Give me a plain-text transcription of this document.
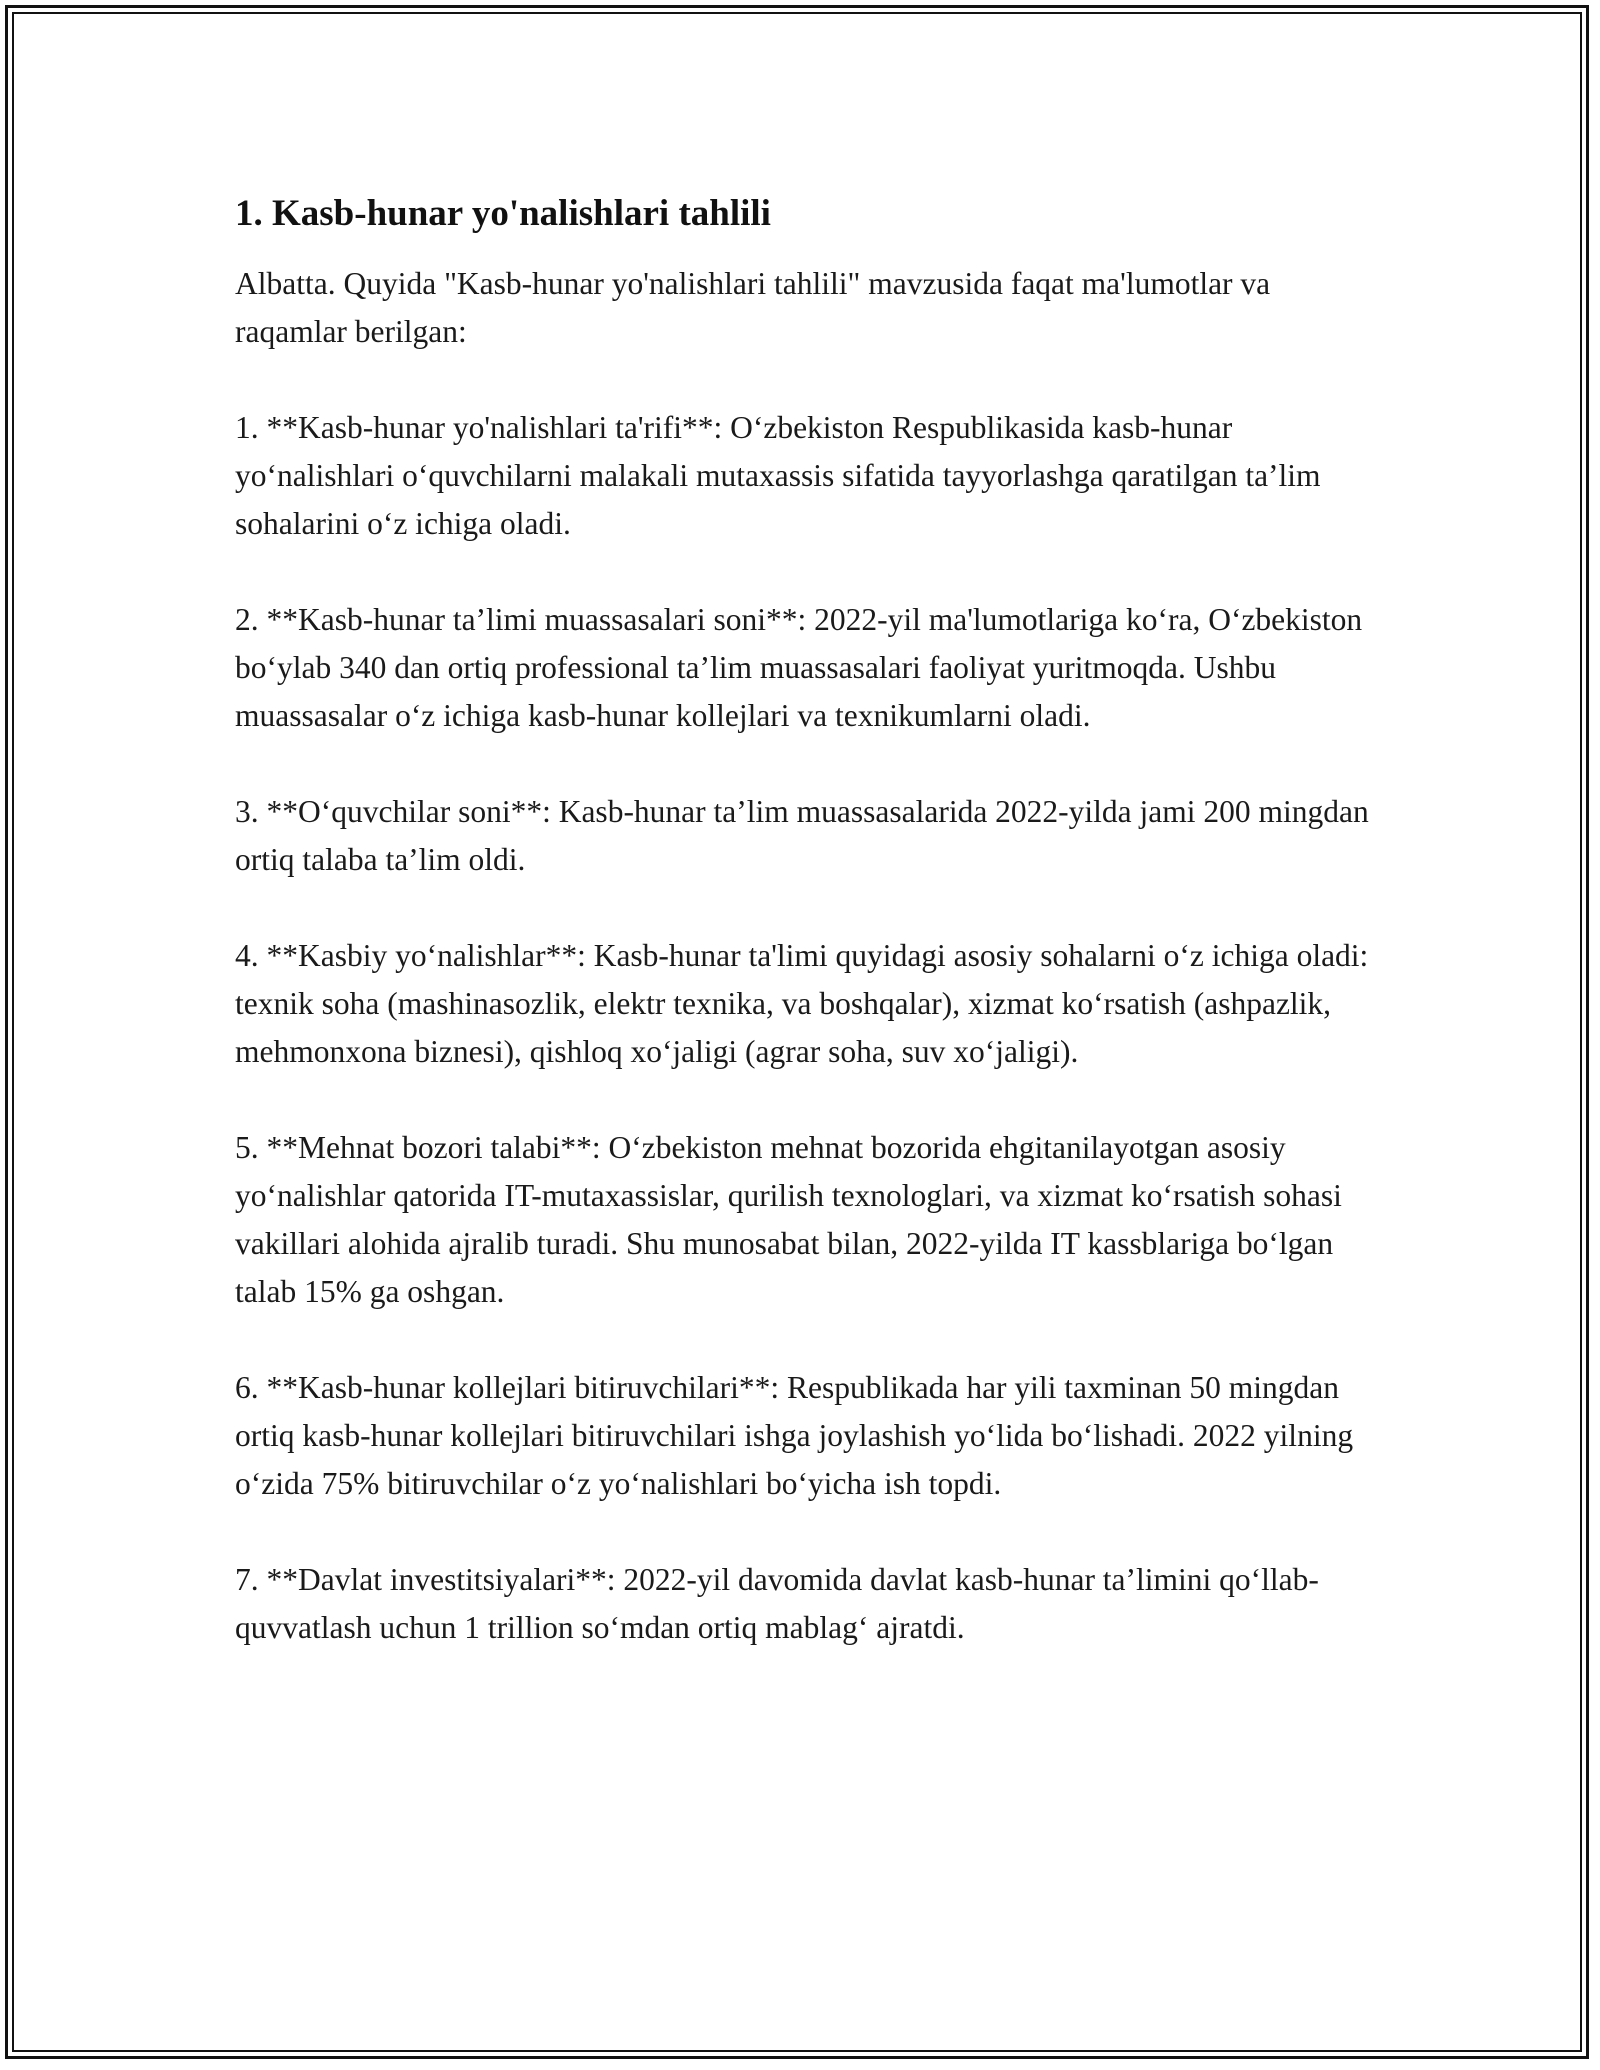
1. Kasb-hunar yo'nalishlari tahlili

Albatta. Quyida "Kasb-hunar yo'nalishlari tahlili" mavzusida faqat ma'lumotlar va raqamlar berilgan:

1. **Kasb-hunar yo'nalishlari ta'rifi**: O‘zbekiston Respublikasida kasb-hunar yo‘nalishlari o‘quvchilarni malakali mutaxassis sifatida tayyorlashga qaratilgan ta’lim sohalarini o‘z ichiga oladi.

2. **Kasb-hunar ta’limi muassasalari soni**: 2022-yil ma'lumotlariga ko‘ra, O‘zbekiston bo‘ylab 340 dan ortiq professional ta’lim muassasalari faoliyat yuritmoqda. Ushbu muassasalar o‘z ichiga kasb-hunar kollejlari va texnikumlarni oladi.

3. **O‘quvchilar soni**: Kasb-hunar ta’lim muassasalarida 2022-yilda jami 200 mingdan ortiq talaba ta’lim oldi.

4. **Kasbiy yo‘nalishlar**: Kasb-hunar ta'limi quyidagi asosiy sohalarni o‘z ichiga oladi: texnik soha (mashinasozlik, elektr texnika, va boshqalar), xizmat ko‘rsatish (ashpazlik, mehmonxona biznesi), qishloq xo‘jaligi (agrar soha, suv xo‘jaligi).

5. **Mehnat bozori talabi**: O‘zbekiston mehnat bozorida ehgitanilayotgan asosiy yo‘nalishlar qatorida IT-mutaxassislar, qurilish texnologlari, va xizmat ko‘rsatish sohasi vakillari alohida ajralib turadi. Shu munosabat bilan, 2022-yilda IT kassblariga bo‘lgan talab 15% ga oshgan.

6. **Kasb-hunar kollejlari bitiruvchilari**: Respublikada har yili taxminan 50 mingdan ortiq kasb-hunar kollejlari bitiruvchilari ishga joylashish yo‘lida bo‘lishadi. 2022 yilning o‘zida 75% bitiruvchilar o‘z yo‘nalishlari bo‘yicha ish topdi.

7. **Davlat investitsiyalari**: 2022-yil davomida davlat kasb-hunar ta’limini qo‘llab-quvvatlash uchun 1 trillion so‘mdan ortiq mablag‘ ajratdi.
